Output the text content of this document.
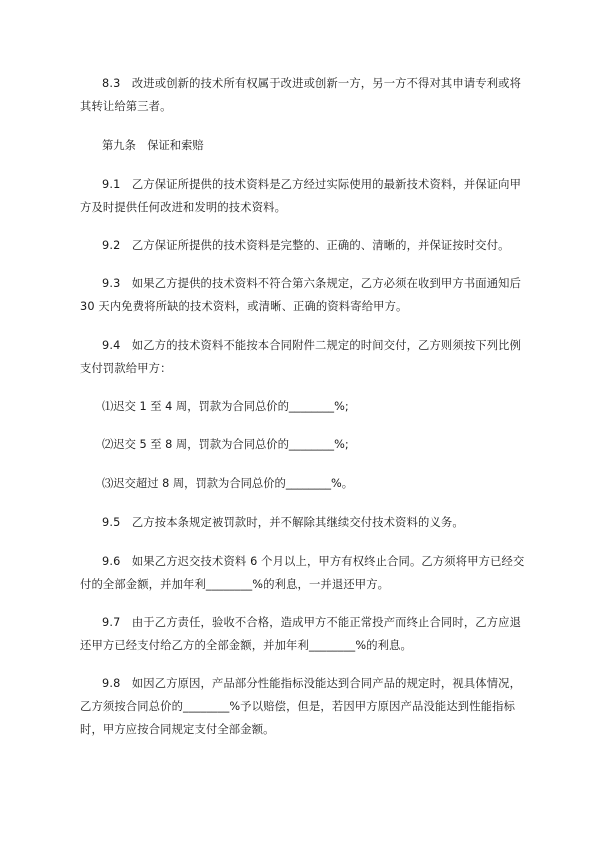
8.3　改进或创新的技术所有权属于改进或创新一方，另一方不得对其申请专利或将其转让给第三者。

第九条　保证和索赔

9.1　乙方保证所提供的技术资料是乙方经过实际使用的最新技术资料，并保证向甲方及时提供任何改进和发明的技术资料。

9.2　乙方保证所提供的技术资料是完整的、正确的、清晰的，并保证按时交付。

9.3　如果乙方提供的技术资料不符合第六条规定，乙方必须在收到甲方书面通知后 30 天内免费将所缺的技术资料，或清晰、正确的资料寄给甲方。

9.4　如乙方的技术资料不能按本合同附件二规定的时间交付，乙方则须按下列比例支付罚款给甲方：

⑴迟交 1 至 4 周，罚款为合同总价的________%;

⑵迟交 5 至 8 周，罚款为合同总价的________%;

⑶迟交超过 8 周，罚款为合同总价的________%。

9.5　乙方按本条规定被罚款时，并不解除其继续交付技术资料的义务。

9.6　如果乙方迟交技术资料 6 个月以上，甲方有权终止合同。乙方须将甲方已经交付的全部金额，并加年利________%的利息，一并退还甲方。

9.7　由于乙方责任，验收不合格，造成甲方不能正常投产而终止合同时，乙方应退还甲方已经支付给乙方的全部金额，并加年利________%的利息。

9.8　如因乙方原因，产品部分性能指标没能达到合同产品的规定时，视具体情况，乙方须按合同总价的________%予以赔偿，但是，若因甲方原因产品没能达到性能指标时，甲方应按合同规定支付全部金额。
